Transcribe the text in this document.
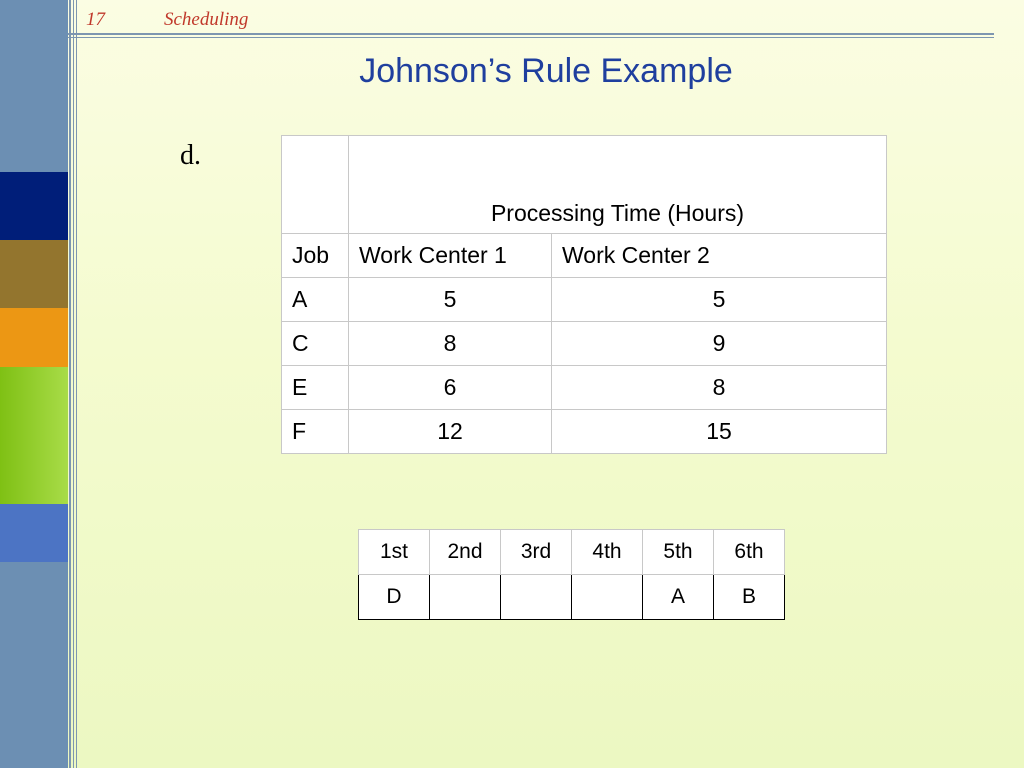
17	Scheduling
Johnson’s Rule Example
d.
	Processing Time (Hours)	
Job	Work Center 1	Work Center 2
A	5	5
C	8	9
E	6	8
F	12	15
1st	2nd	3rd	4th	5th	6th
D				A	B
